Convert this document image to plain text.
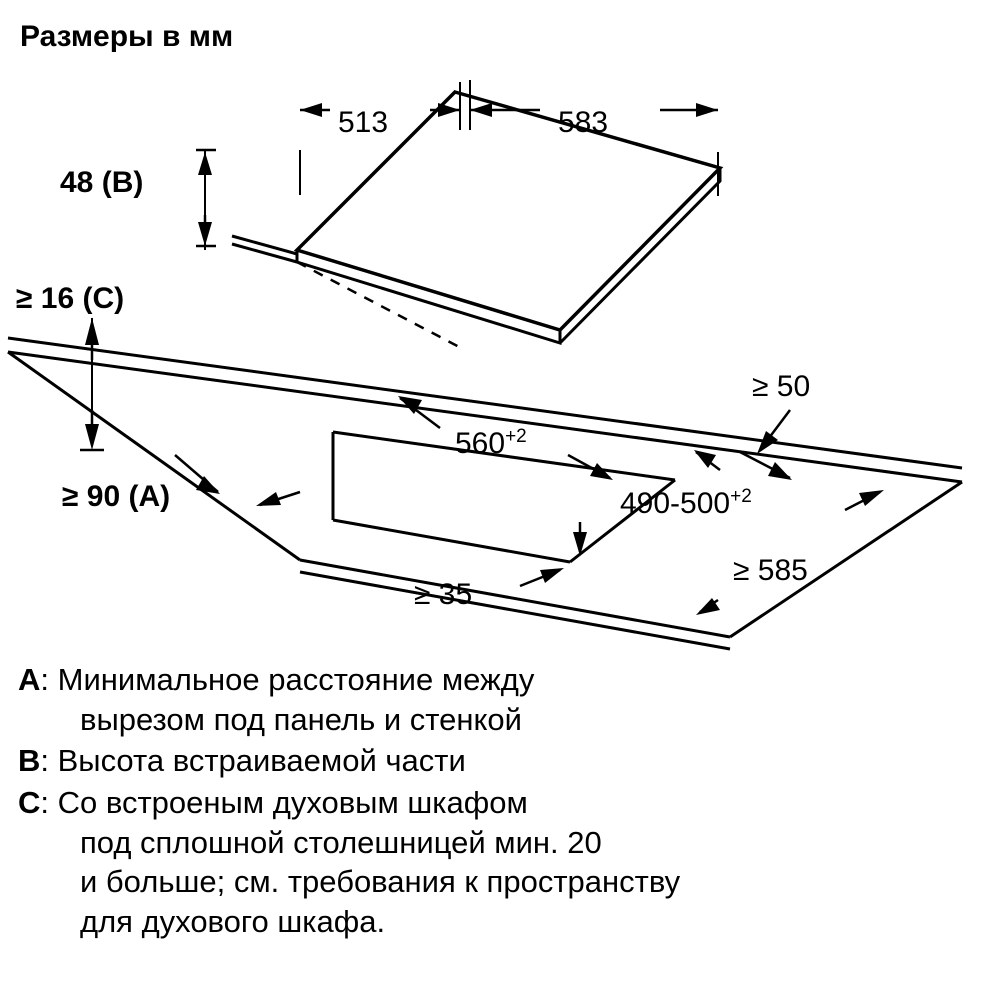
Размеры в мм
513	583
48 (B)
≥ 16 (C)
≥ 90 (A)
$560^{+2}$
$490-500^{+2}$
≥ 50
≥ 585
≥ 35
A: Минимальное расстояние между
вырезом под панель и стенкой
B: Высота встраиваемой части
C: Со встроеным духовым шкафом
под сплошной столешницей мин. 20
и больше; см. требования к пространству
для духового шкафа.
